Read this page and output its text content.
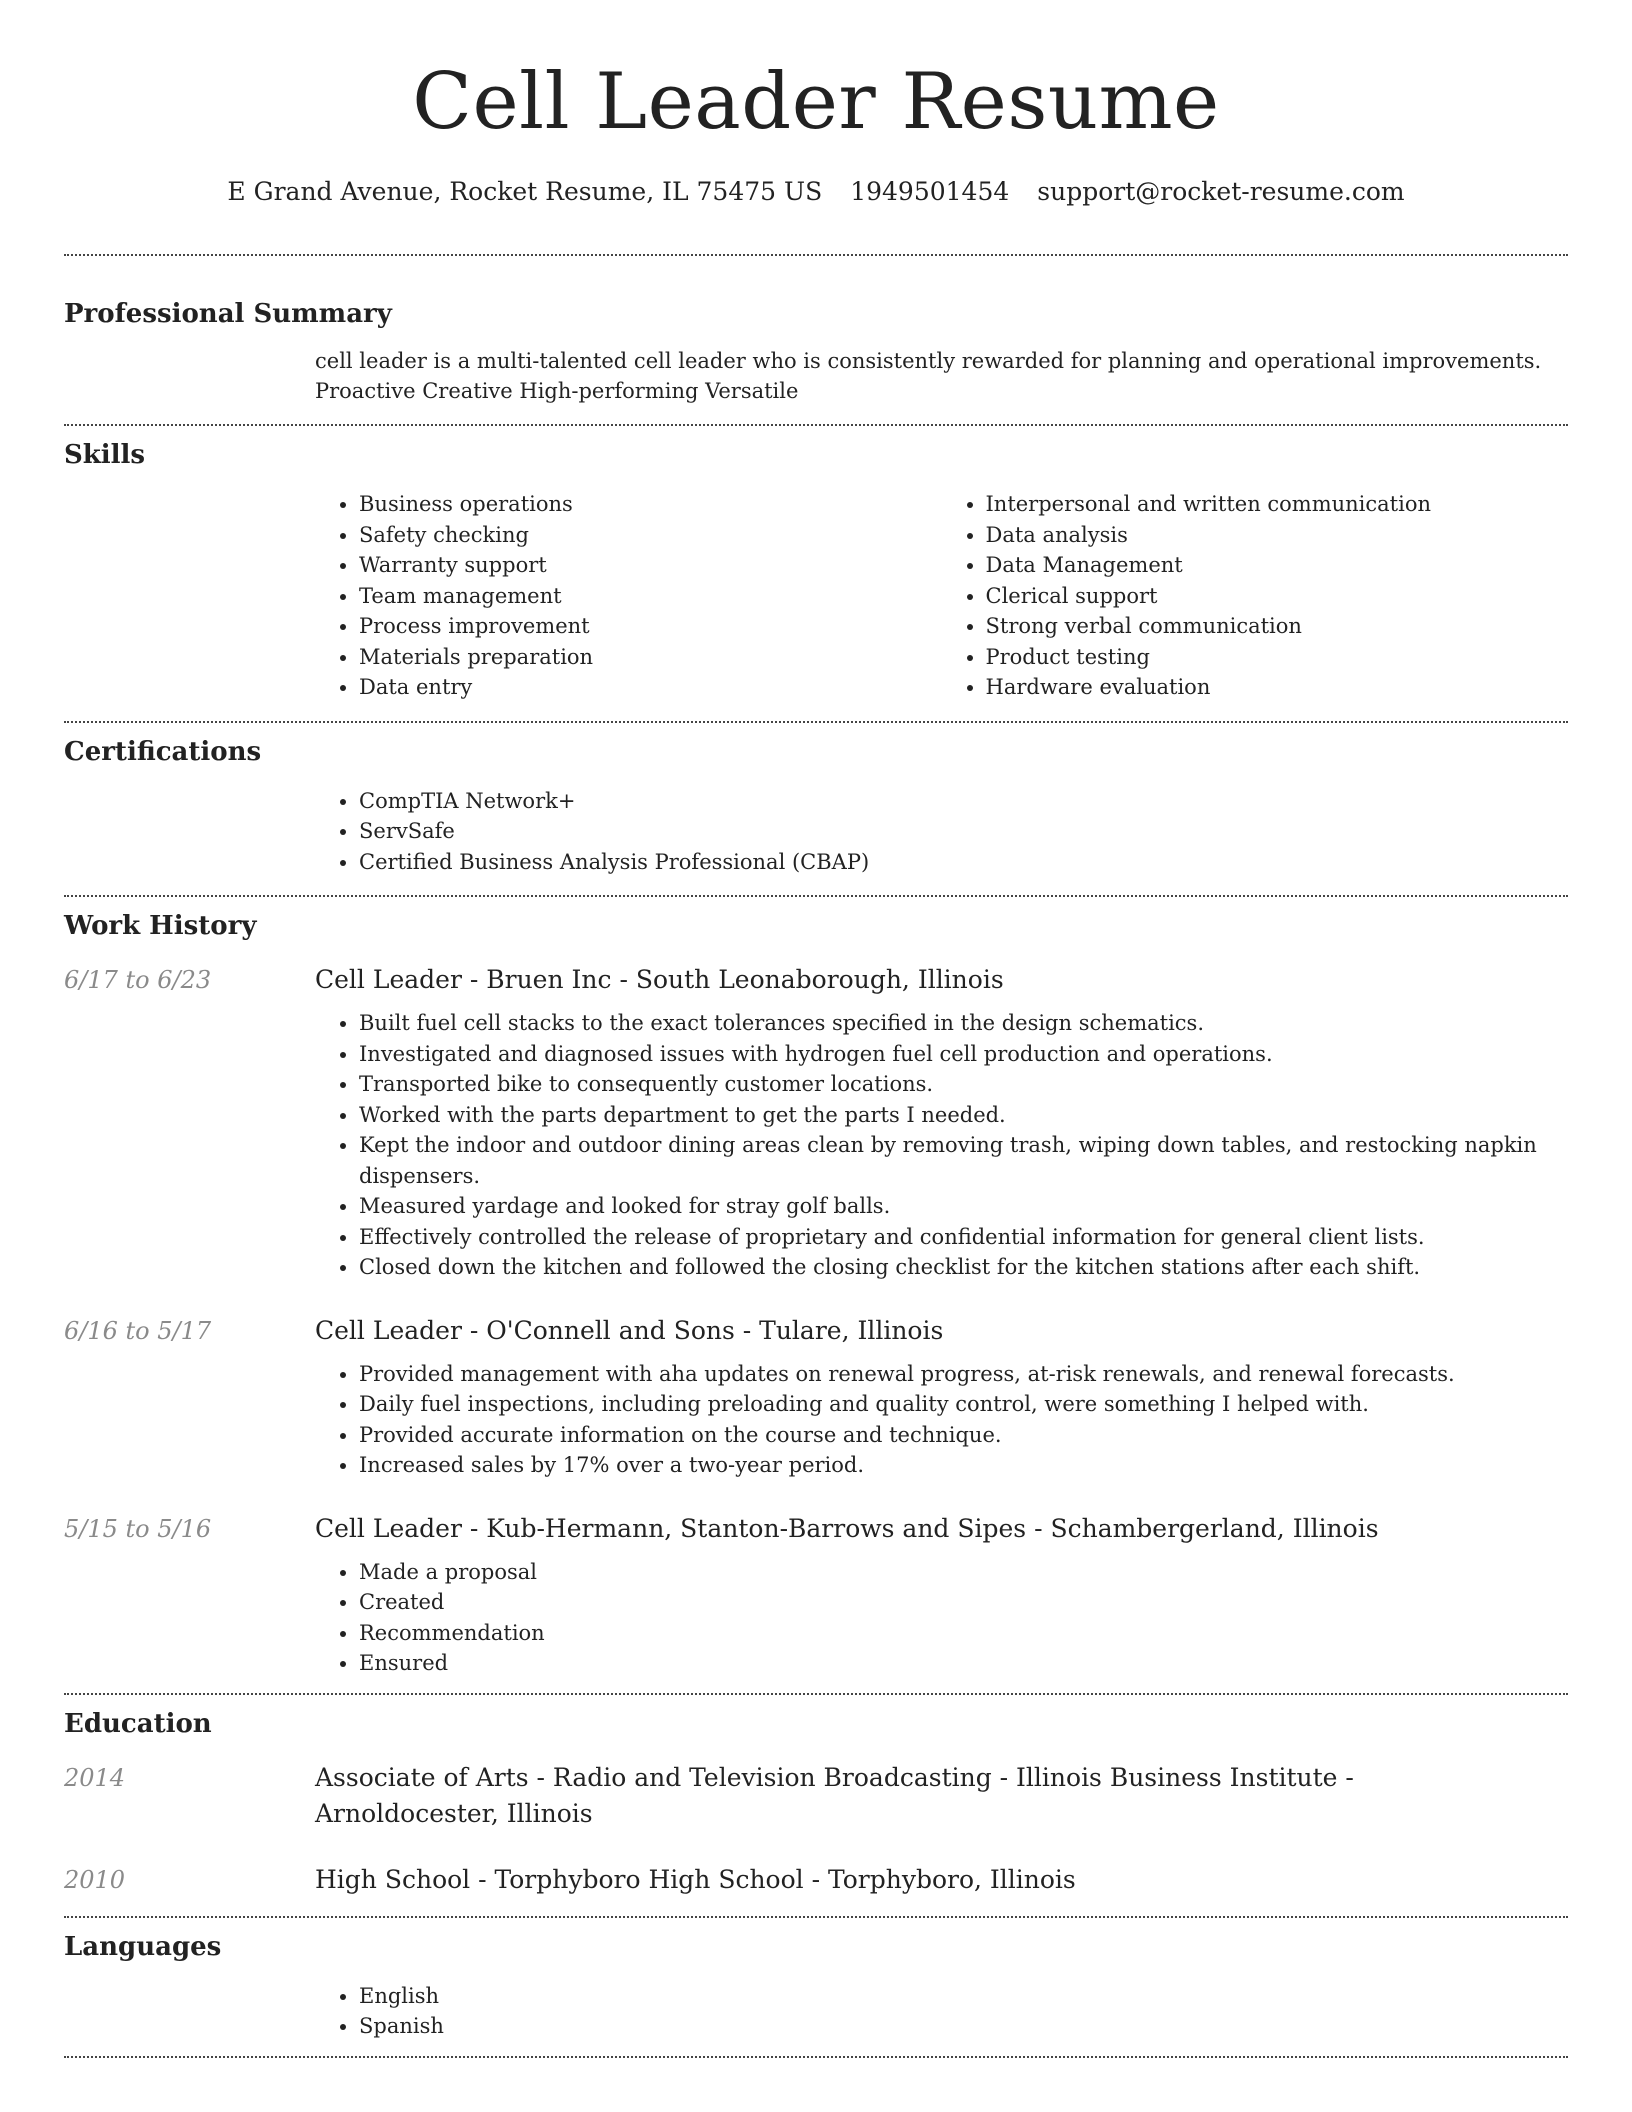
Cell Leader Resume
E Grand Avenue, Rocket Resume, IL 75475 US 1949501454 support@rocket-resume.com
Professional Summary
cell leader is a multi-talented cell leader who is consistently rewarded for planning and operational improvements.
Proactive Creative High-performing Versatile
Skills
• Business operations
• Safety checking
• Warranty support
• Team management
• Process improvement
• Materials preparation
• Data entry
• Interpersonal and written communication
• Data analysis
• Data Management
• Clerical support
• Strong verbal communication
• Product testing
• Hardware evaluation
Certifications
• CompTIA Network+
• ServSafe
• Certified Business Analysis Professional (CBAP)
Work History
6/17 to 6/23	Cell Leader - Bruen Inc - South Leonaborough, Illinois
• Built fuel cell stacks to the exact tolerances specified in the design schematics.
• Investigated and diagnosed issues with hydrogen fuel cell production and operations.
• Transported bike to consequently customer locations.
• Worked with the parts department to get the parts I needed.
• Kept the indoor and outdoor dining areas clean by removing trash, wiping down tables, and restocking napkin dispensers.
• Measured yardage and looked for stray golf balls.
• Effectively controlled the release of proprietary and confidential information for general client lists.
• Closed down the kitchen and followed the closing checklist for the kitchen stations after each shift.
6/16 to 5/17	Cell Leader - O'Connell and Sons - Tulare, Illinois
• Provided management with aha updates on renewal progress, at-risk renewals, and renewal forecasts.
• Daily fuel inspections, including preloading and quality control, were something I helped with.
• Provided accurate information on the course and technique.
• Increased sales by 17% over a two-year period.
5/15 to 5/16	Cell Leader - Kub-Hermann, Stanton-Barrows and Sipes - Schambergerland, Illinois
• Made a proposal
• Created
• Recommendation
• Ensured
Education
2014	Associate of Arts - Radio and Television Broadcasting - Illinois Business Institute - Arnoldocester, Illinois
2010	High School - Torphyboro High School - Torphyboro, Illinois
Languages
• English
• Spanish
